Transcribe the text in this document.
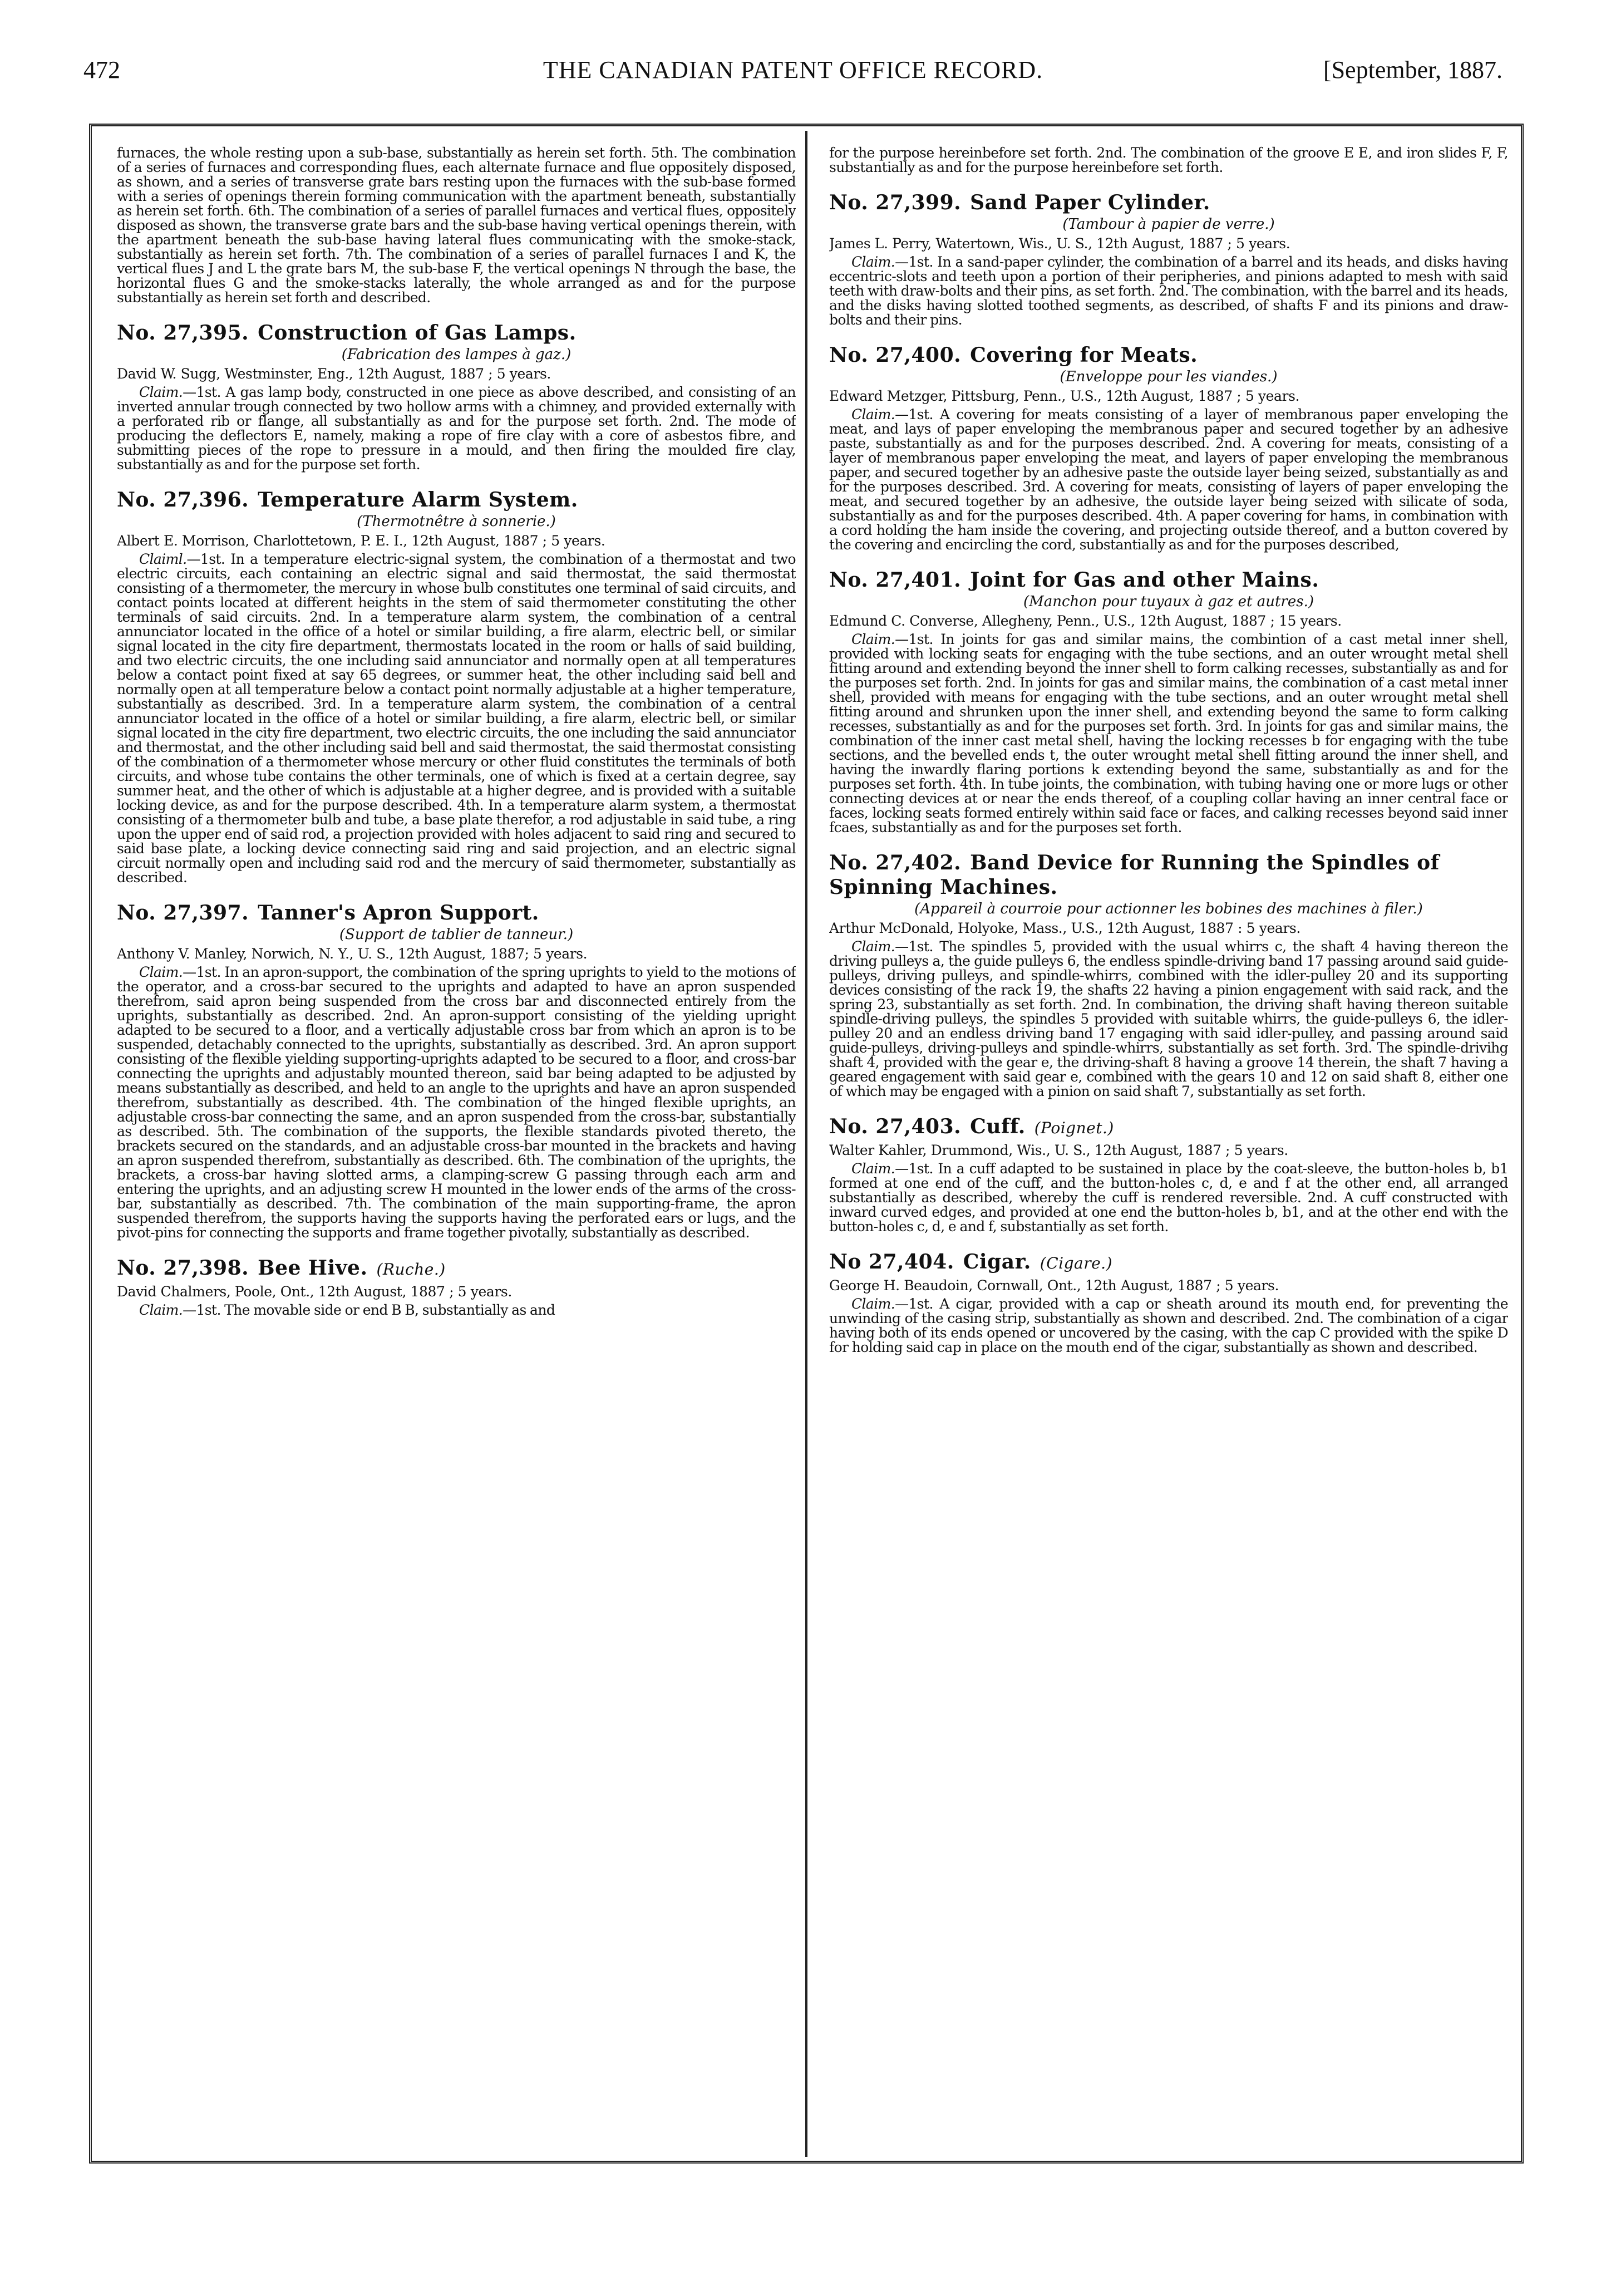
472	THE CANADIAN PATENT OFFICE RECORD.	[September, 1887.

furnaces, the whole resting upon a sub-base, substantially as herein set forth. 5th. The combination of a series of furnaces and corresponding flues, each alternate furnace and flue oppositely disposed, as shown, and a series of transverse grate bars resting upon the furnaces with the sub-base formed with a series of openings therein forming communication with the apartment beneath, substantially as herein set forth. 6th. The combination of a series of parallel furnaces and vertical flues, oppositely disposed as shown, the transverse grate bars and the sub-base having vertical openings therein, with the apartment beneath the sub-base having lateral flues communicating with the smoke-stack, substantially as herein set forth. 7th. The combination of a series of parallel furnaces I and K, the vertical flues J and L the grate bars M, the sub-base F, the vertical openings N through the base, the horizontal flues G and the smoke-stacks laterally, the whole arranged as and for the purpose substantially as herein set forth and described.

No. 27,395. Construction of Gas Lamps.
(Fabrication des lampes à gaz.)
David W. Sugg, Westminster, Eng., 12th August, 1887 ; 5 years.

Claim.—1st. A gas lamp body, constructed in one piece as above described, and consisting of an inverted annular trough connected by two hollow arms with a chimney, and provided externally with a perforated rib or flange, all substantially as and for the purpose set forth. 2nd. The mode of producing the deflectors E, namely, making a rope of fire clay with a core of asbestos fibre, and submitting pieces of the rope to pressure in a mould, and then firing the moulded fire clay, substantially as and for the purpose set forth.

No. 27,396. Temperature Alarm System.
(Thermotnêtre à sonnerie.)
Albert E. Morrison, Charlottetown, P. E. I., 12th August, 1887 ; 5 years.

Claiml.—1st. In a temperature electric-signal system, the combination of a thermostat and two electric circuits, each containing an electric signal and said thermostat, the said thermostat consisting of a thermometer, the mercury in whose bulb constitutes one terminal of said circuits, and contact points located at different heights in the stem of said thermometer constituting the other terminals of said circuits. 2nd. In a temperature alarm system, the combination of a central annunciator located in the office of a hotel or similar building, a fire alarm, electric bell, or similar signal located in the city fire department, thermostats located in the room or halls of said building, and two electric circuits, the one including said annunciator and normally open at all temperatures below a contact point fixed at say 65 degrees, or summer heat, the other including said bell and normally open at all temperature below a contact point normally adjustable at a higher temperature, substantially as described. 3rd. In a temperature alarm system, the combination of a central annunciator located in the office of a hotel or similar building, a fire alarm, electric bell, or similar signal located in the city fire department, two electric circuits, the one including the said annunciator and thermostat, and the other including said bell and said thermostat, the said thermostat consisting of the combination of a thermometer whose mercury or other fluid constitutes the terminals of both circuits, and whose tube contains the other terminals, one of which is fixed at a certain degree, say summer heat, and the other of which is adjustable at a higher degree, and is provided with a suitable locking device, as and for the purpose described. 4th. In a temperature alarm system, a thermostat consisting of a thermometer bulb and tube, a base plate therefor, a rod adjustable in said tube, a ring upon the upper end of said rod, a projection provided with holes adjacent to said ring and secured to said base plate, a locking device connecting said ring and said projection, and an electric signal circuit normally open and including said rod and the mercury of said thermometer, substantially as described.

No. 27,397. Tanner's Apron Support.
(Support de tablier de tanneur.)
Anthony V. Manley, Norwich, N. Y., U. S., 12th August, 1887; 5 years.

Claim.—1st. In an apron-support, the combination of the spring uprights to yield to the motions of the operator, and a cross-bar secured to the uprights and adapted to have an apron suspended therefrom, said apron being suspended from the cross bar and disconnected entirely from the uprights, substantially as described. 2nd. An apron-support consisting of the yielding upright adapted to be secured to a floor, and a vertically adjustable cross bar from which an apron is to be suspended, detachably connected to the uprights, substantially as described. 3rd. An apron support consisting of the flexible yielding supporting-uprights adapted to be secured to a floor, and cross-bar connecting the uprights and adjustably mounted thereon, said bar being adapted to be adjusted by means substantially as described, and held to an angle to the uprights and have an apron suspended therefrom, substantially as described. 4th. The combination of the hinged flexible uprights, an adjustable cross-bar connecting the same, and an apron suspended from the cross-bar, substantially as described. 5th. The combination of the supports, the flexible standards pivoted thereto, the brackets secured on the standards, and an adjustable cross-bar mounted in the brackets and having an apron suspended therefrom, substantially as described. 6th. The combination of the uprights, the brackets, a cross-bar having slotted arms, a clamping-screw G passing through each arm and entering the uprights, and an adjusting screw H mounted in the lower ends of the arms of the cross-bar, substantially as described. 7th. The combination of the main supporting-frame, the apron suspended therefrom, the supports having the supports having the perforated ears or lugs, and the pivot-pins for connecting the supports and frame together pivotally, substantially as described.

No. 27,398. Bee Hive. (Ruche.)
David Chalmers, Poole, Ont., 12th August, 1887 ; 5 years.

Claim.—1st. The movable side or end B B, substantially as and

for the purpose hereinbefore set forth. 2nd. The combination of the groove E E, and iron slides F, F, substantially as and for the purpose hereinbefore set forth.

No. 27,399. Sand Paper Cylinder.
(Tambour à papier de verre.)
James L. Perry, Watertown, Wis., U. S., 12th August, 1887 ; 5 years.

Claim.—1st. In a sand-paper cylinder, the combination of a barrel and its heads, and disks having eccentric-slots and teeth upon a portion of their peripheries, and pinions adapted to mesh with said teeth with draw-bolts and their pins, as set forth. 2nd. The combination, with the barrel and its heads, and the disks having slotted toothed segments, as described, of shafts F and its pinions and draw-bolts and their pins.

No. 27,400. Covering for Meats.
(Enveloppe pour les viandes.)
Edward Metzger, Pittsburg, Penn., U.S., 12th August, 1887 ; 5 years.

Claim.—1st. A covering for meats consisting of a layer of membranous paper enveloping the meat, and lays of paper enveloping the membranous paper and secured together by an adhesive paste, substantially as and for the purposes described. 2nd. A covering for meats, consisting of a layer of membranous paper enveloping the meat, and layers of paper enveloping the membranous paper, and secured together by an adhesive paste the outside layer being seized, substantially as and for the purposes described. 3rd. A covering for meats, consisting of layers of paper enveloping the meat, and secured together by an adhesive, the outside layer being seized with silicate of soda, substantially as and for the purposes described. 4th. A paper covering for hams, in combination with a cord holding the ham inside the covering, and projecting outside thereof, and a button covered by the covering and encircling the cord, substantially as and for the purposes described,

No. 27,401. Joint for Gas and other Mains.
(Manchon pour tuyaux à gaz et autres.)
Edmund C. Converse, Allegheny, Penn., U.S., 12th August, 1887 ; 15 years.

Claim.—1st. In joints for gas and similar mains, the combintion of a cast metal inner shell, provided with locking seats for engaging with the tube sections, and an outer wrought metal shell fitting around and extending beyond the inner shell to form calking recesses, substantially as and for the purposes set forth. 2nd. In joints for gas and similar mains, the combination of a cast metal inner shell, provided with means for engaging with the tube sections, and an outer wrought metal shell fitting around and shrunken upon the inner shell, and extending beyond the same to form calking recesses, substantially as and for the purposes set forth. 3rd. In joints for gas and similar mains, the combination of the inner cast metal shell, having the locking recesses b for engaging with the tube sections, and the bevelled ends t, the outer wrought metal shell fitting around the inner shell, and having the inwardly flaring portions k extending beyond the same, substantially as and for the purposes set forth. 4th. In tube joints, the combination, with tubing having one or more lugs or other connecting devices at or near the ends thereof, of a coupling collar having an inner central face or faces, locking seats formed entirely within said face or faces, and calking recesses beyond said inner fcaes, substantially as and for the purposes set forth.

No. 27,402. Band Device for Running the Spindles of Spinning Machines.
(Appareil à courroie pour actionner les bobines des machines à filer.)
Arthur McDonald, Holyoke, Mass., U.S., 12th August, 1887 : 5 years.

Claim.—1st. The spindles 5, provided with the usual whirrs c, the shaft 4 having thereon the driving pulleys a, the guide pulleys 6, the endless spindle-driving band 17 passing around said guide-pulleys, driving pulleys, and spindle-whirrs, combined with the idler-pulley 20 and its supporting devices consisting of the rack 19, the shafts 22 having a pinion engagement with said rack, and the spring 23, substantially as set forth. 2nd. In combination, the driving shaft having thereon suitable spindle-driving pulleys, the spindles 5 provided with suitable whirrs, the guide-pulleys 6, the idler-pulley 20 and an endless driving band 17 engaging with said idler-pulley, and passing around said guide-pulleys, driving-pulleys and spindle-whirrs, substantially as set forth. 3rd. The spindle-drivihg shaft 4, provided with the gear e, the driving-shaft 8 having a groove 14 therein, the shaft 7 having a geared engagement with said gear e, combined with the gears 10 and 12 on said shaft 8, either one of which may be engaged with a pinion on said shaft 7, substantially as set forth.

No. 27,403. Cuff. (Poignet.)
Walter Kahler, Drummond, Wis., U. S., 12th August, 1887 ; 5 years.

Claim.—1st. In a cuff adapted to be sustained in place by the coat-sleeve, the button-holes b, b1 formed at one end of the cuff, and the button-holes c, d, e and f at the other end, all arranged substantially as described, whereby the cuff is rendered reversible. 2nd. A cuff constructed with inward curved edges, and provided at one end the button-holes b, b1, and at the other end with the button-holes c, d, e and f, substantially as set forth.

No 27,404. Cigar. (Cigare.)
George H. Beaudoin, Cornwall, Ont., 12th August, 1887 ; 5 years.

Claim.—1st. A cigar, provided with a cap or sheath around its mouth end, for preventing the unwinding of the casing strip, substantially as shown and described. 2nd. The combination of a cigar having both of its ends opened or uncovered by the casing, with the cap C provided with the spike D for holding said cap in place on the mouth end of the cigar, substantially as shown and described.
